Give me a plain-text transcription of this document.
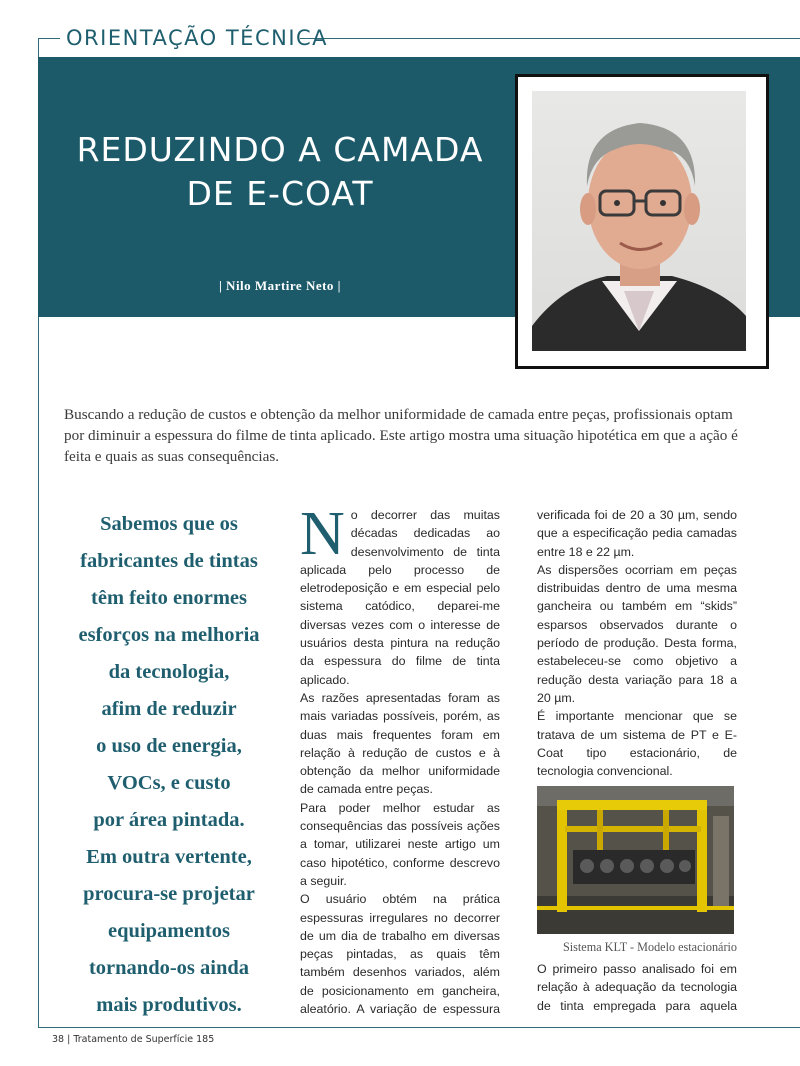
ORIENTAÇÃO TÉCNICA
REDUZINDO A CAMADA
DE E-COAT
| Nilo Martire Neto |
Buscando a redução de custos e obtenção da melhor uniformidade de camada entre peças, profissionais optam por diminuir a espessura do filme de tinta aplicado. Este artigo mostra uma situação hipotética em que a ação é feita e quais as suas consequências.
Sabemos que os
fabricantes de tintas
têm feito enormes
esforços na melhoria
da tecnologia,
afim de reduzir
o uso de energia,
VOCs, e custo
por área pintada.
Em outra vertente,
procura-se projetar
equipamentos
tornando-os ainda
mais produtivos.

No decorrer das muitas décadas dedicadas ao desenvolvimento de tinta aplicada pelo processo de eletrodeposição e em especial pelo sistema catódico, deparei-me diversas vezes com o interesse de usuários desta pintura na redução da espessura do filme de tinta aplicado.

As razões apresentadas foram as mais variadas possíveis, porém, as duas mais frequentes foram em relação à redução de custos e à obtenção da melhor uniformidade de camada entre peças.

Para poder melhor estudar as consequências das possíveis ações a tomar, utilizarei neste artigo um caso hipotético, conforme descrevo a seguir.

O usuário obtém na prática espessuras irregulares no decorrer de um dia de trabalho em diversas peças pintadas, as quais têm também desenhos variados, além de posicionamento em gancheira, aleatório. A variação de espessura

verificada foi de 20 a 30 µm, sendo que a especificação pedia camadas entre 18 e 22 µm.

As dispersões ocorriam em peças distribuidas dentro de uma mesma gancheira ou também em “skids” esparsos observados durante o período de produção. Desta forma, estabeleceu-se como objetivo a redução desta variação para 18 a 20 µm.

É importante mencionar que se tratava de um sistema de PT e E-Coat tipo estacionário, de tecnologia convencional.

Sistema KLT - Modelo estacionário

O primeiro passo analisado foi em relação à adequação da tecnologia de tinta empregada para aquela

38 | Tratamento de Superfície 185
